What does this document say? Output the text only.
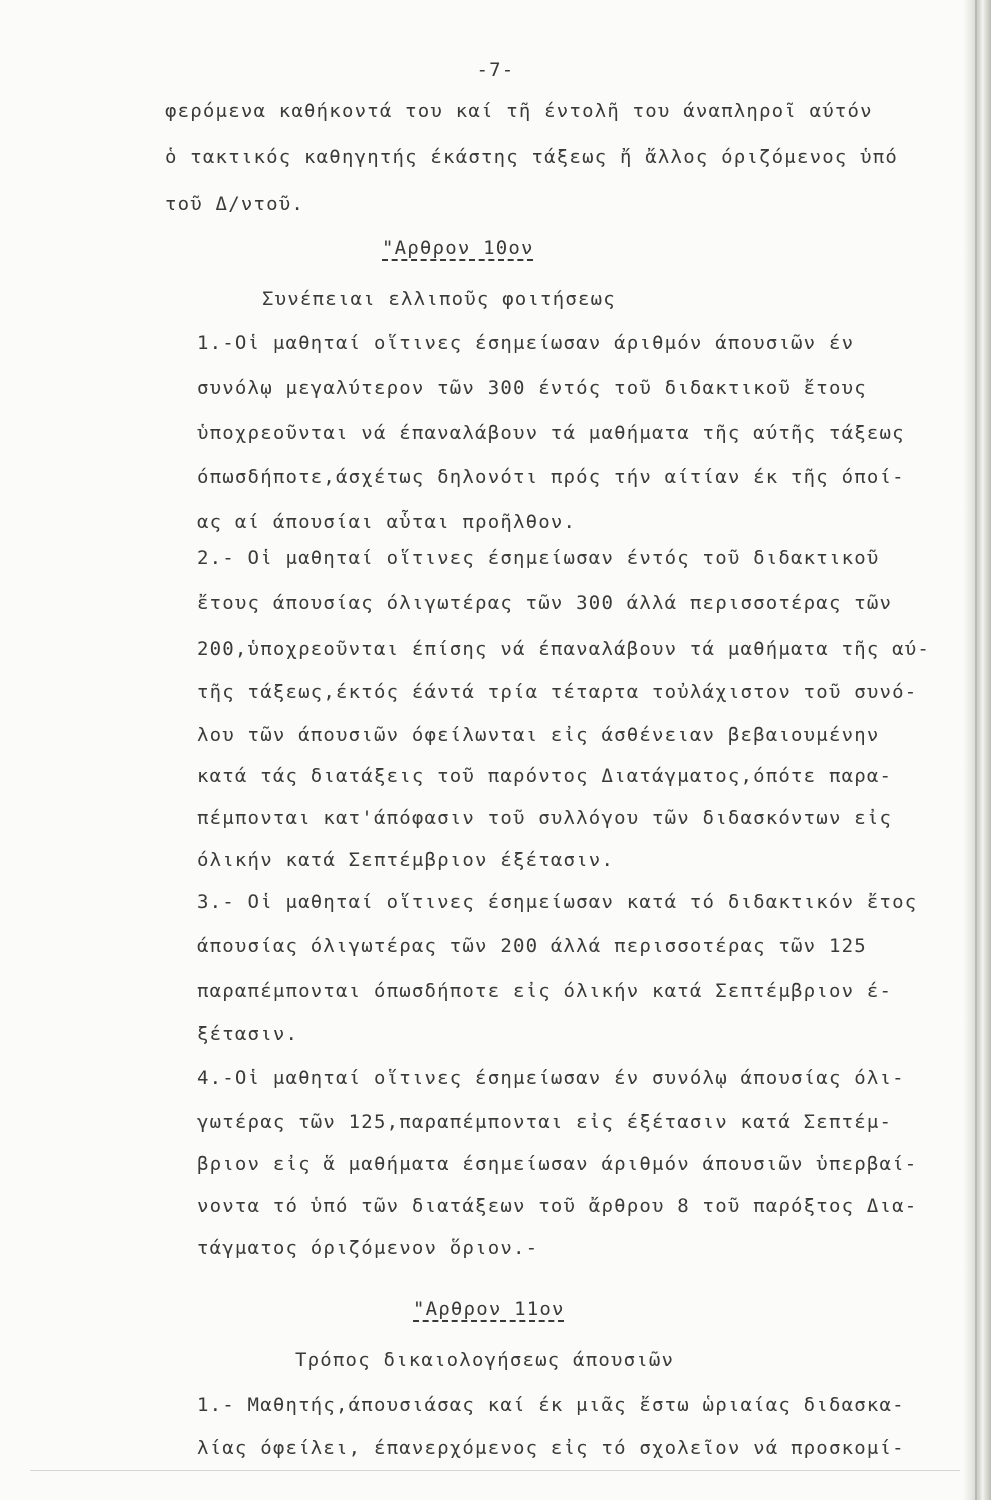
-7-
φερόμενα καθήκοντά του καί τῆ έντολῆ του άναπληροῖ αύτόν
ὁ τακτικός καθηγητής έκάστης τάξεως ἤ ἄλλος όριζόμενος ὑπό
τοῦ Δ/ντοῦ.
"Αρθρον 10ον
Συνέπειαι ελλιποῦς φοιτήσεως
1.-Οἱ μαθηταί οἵτινες έσημείωσαν άριθμόν άπουσιῶν έν
συνόλῳ μεγαλύτερον τῶν 300 έντός τοῦ διδακτικοῦ ἔτους
ὑποχρεοῦνται νά έπαναλάβουν τά μαθήματα τῆς αύτῆς τάξεως
όπωσδήποτε,άσχέτως δηλονότι πρός τήν αίτίαν έκ τῆς όποί-
ας αί άπουσίαι αὗται προῆλθον.
2.- Οἱ μαθηταί οἵτινες έσημείωσαν έντός τοῦ διδακτικοῦ
ἔτους άπουσίας όλιγωτέρας τῶν 300 άλλά περισσοτέρας τῶν
200,ὑποχρεοῦνται έπίσης νά έπαναλάβουν τά μαθήματα τῆς αύ-
τῆς τάξεως,έκτός έάντά τρία τέταρτα τοὐλάχιστον τοῦ συνό-
λου τῶν άπουσιῶν όφείλωνται εἰς άσθένειαν βεβαιουμένην
κατά τάς διατάξεις τοῦ παρόντος Διατάγματος,όπότε παρα-
πέμπονται κατ'άπόφασιν τοῦ συλλόγου τῶν διδασκόντων εἰς
όλικήν κατά Σεπτέμβριον έξέτασιν.
3.- Οἱ μαθηταί οἵτινες έσημείωσαν κατά τό διδακτικόν ἔτος
άπουσίας όλιγωτέρας τῶν 200 άλλά περισσοτέρας τῶν 125
παραπέμπονται όπωσδήποτε εἰς όλικήν κατά Σεπτέμβριον έ-
ξέτασιν.
4.-Οἱ μαθηταί οἵτινες έσημείωσαν έν συνόλῳ άπουσίας όλι-
γωτέρας τῶν 125,παραπέμπονται εἰς έξέτασιν κατά Σεπτέμ-
βριον εἰς ἅ μαθήματα έσημείωσαν άριθμόν άπουσιῶν ὑπερβαί-
νοντα τό ὑπό τῶν διατάξεων τοῦ ἄρθρου 8 τοῦ παρόξτος Δια-
τάγματος όριζόμενον ὅριον.-
"Αρθρον 11ον
Τρόπος δικαιολογήσεως άπουσιῶν
1.- Μαθητής,άπουσιάσας καί έκ μιᾶς ἔστω ὡριαίας διδασκα-
λίας όφείλει, έπανερχόμενος εἰς τό σχολεῖον νά προσκομί-
